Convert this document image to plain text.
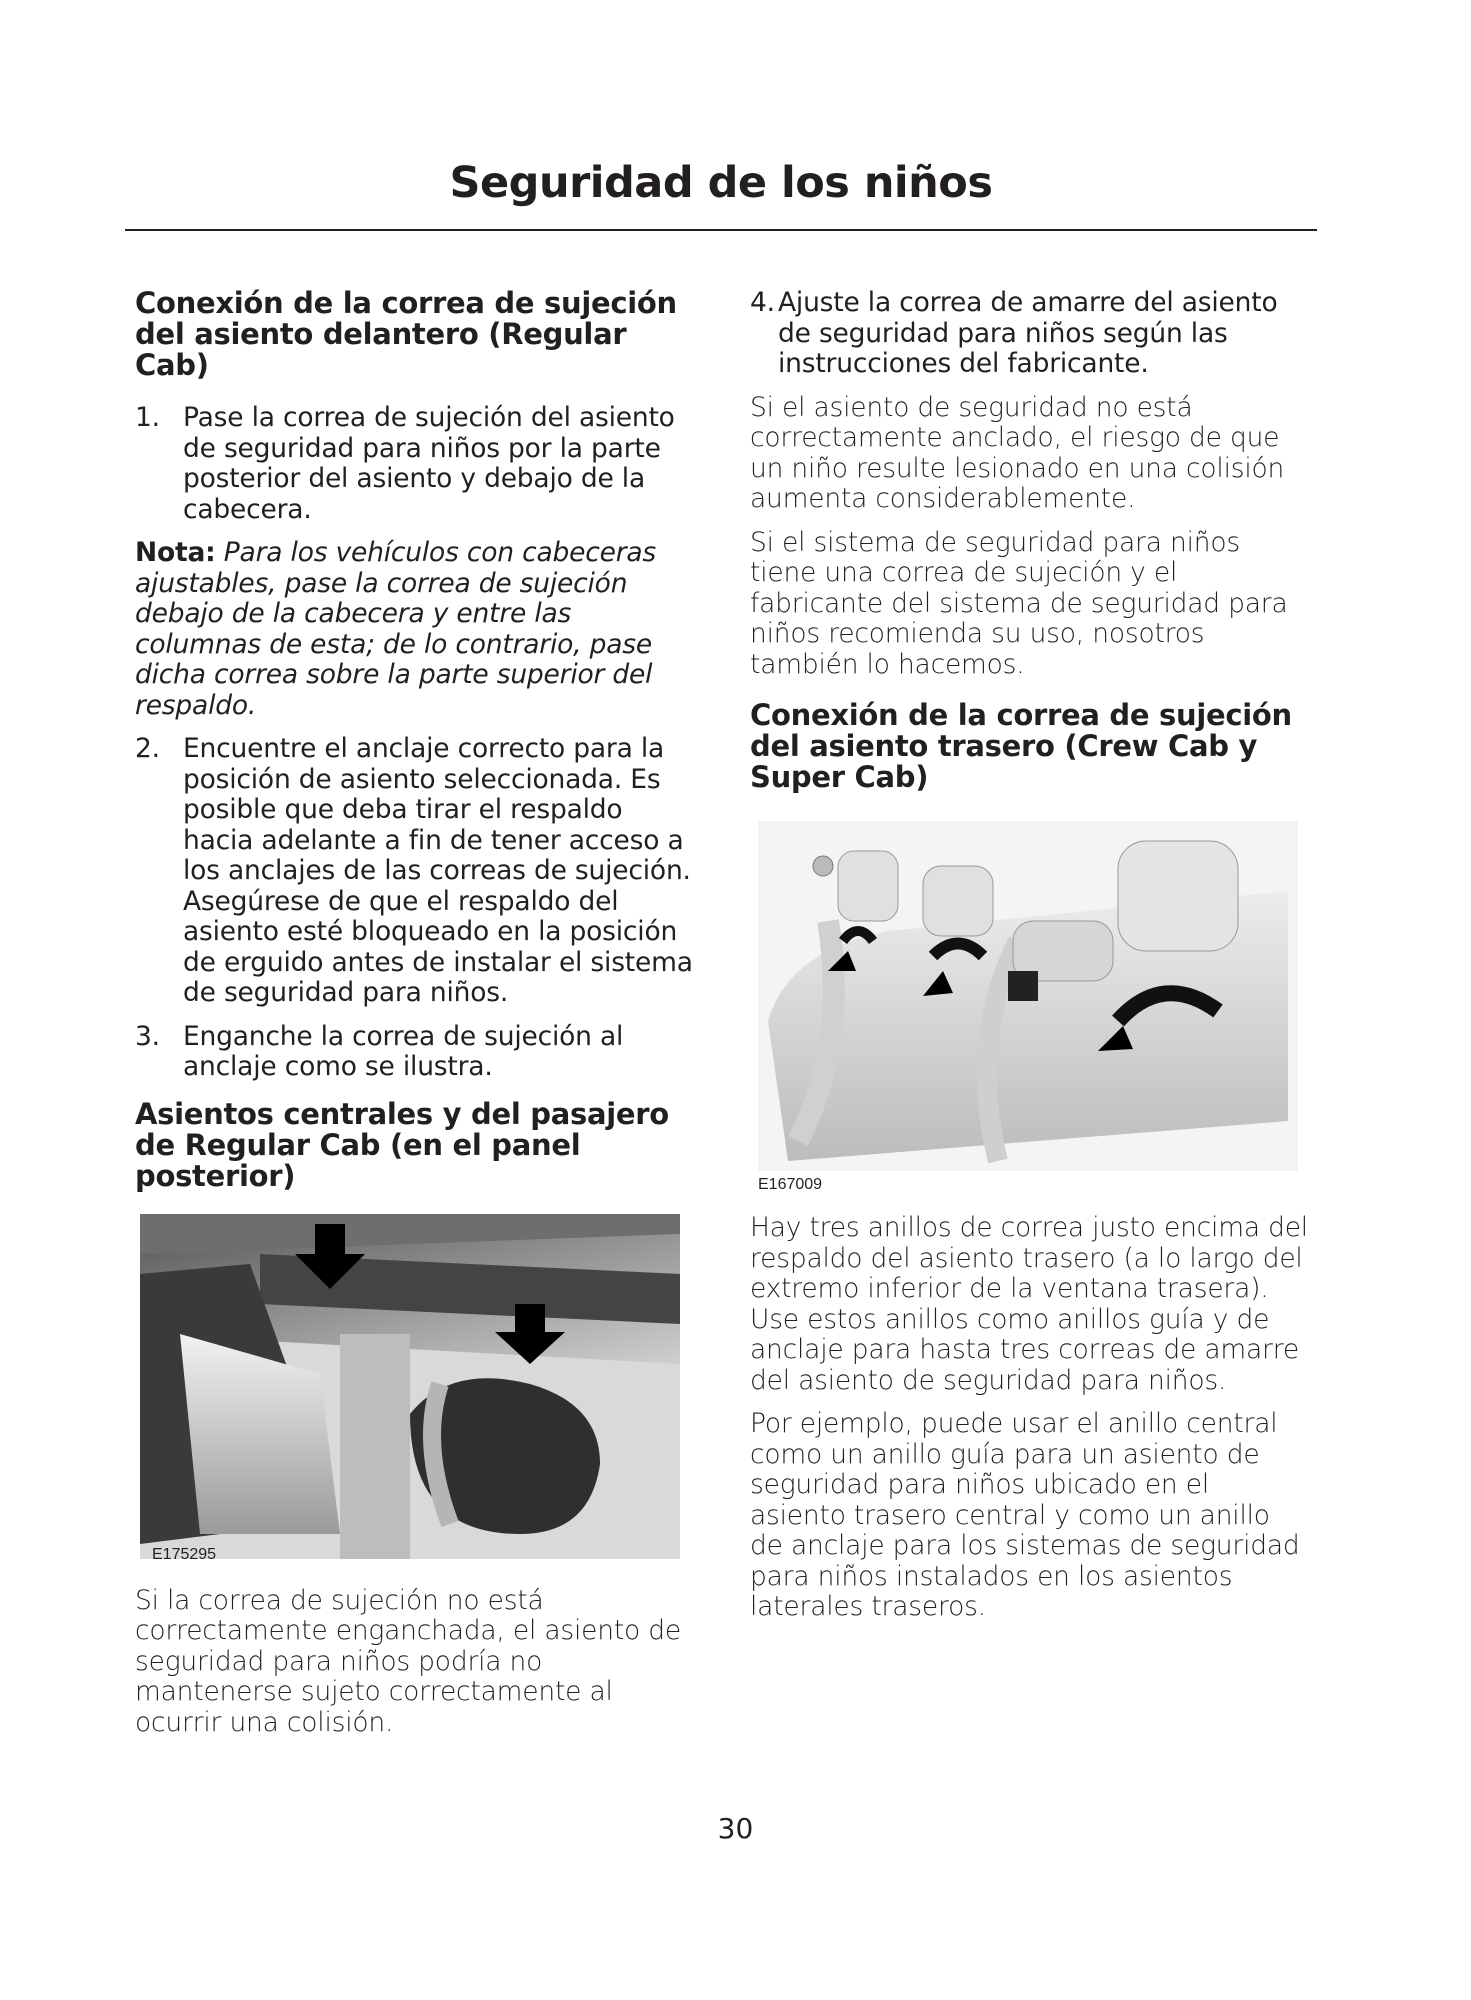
Seguridad de los niños
Conexión de la correa de sujeción del asiento delantero (Regular Cab)
1. Pase la correa de sujeción del asiento de seguridad para niños por la parte posterior del asiento y debajo de la cabecera.

Nota: Para los vehículos con cabeceras ajustables, pase la correa de sujeción debajo de la cabecera y entre las columnas de esta; de lo contrario, pase dicha correa sobre la parte superior del respaldo.

2. Encuentre el anclaje correcto para la posición de asiento seleccionada. Es posible que deba tirar el respaldo hacia adelante a fin de tener acceso a los anclajes de las correas de sujeción. Asegúrese de que el respaldo del asiento esté bloqueado en la posición de erguido antes de instalar el sistema de seguridad para niños.
3. Enganche la correa de sujeción al anclaje como se ilustra.
Asientos centrales y del pasajero de Regular Cab (en el panel posterior)
E175295

Si la correa de sujeción no está correctamente enganchada, el asiento de seguridad para niños podría no mantenerse sujeto correctamente al ocurrir una colisión.

4. Ajuste la correa de amarre del asiento de seguridad para niños según las instrucciones del fabricante.

Si el asiento de seguridad no está correctamente anclado, el riesgo de que un niño resulte lesionado en una colisión aumenta considerablemente.

Si el sistema de seguridad para niños tiene una correa de sujeción y el fabricante del sistema de seguridad para niños recomienda su uso, nosotros también lo hacemos.

Conexión de la correa de sujeción del asiento trasero (Crew Cab y Super Cab)
E167009

Hay tres anillos de correa justo encima del respaldo del asiento trasero (a lo largo del extremo inferior de la ventana trasera). Use estos anillos como anillos guía y de anclaje para hasta tres correas de amarre del asiento de seguridad para niños.

Por ejemplo, puede usar el anillo central como un anillo guía para un asiento de seguridad para niños ubicado en el asiento trasero central y como un anillo de anclaje para los sistemas de seguridad para niños instalados en los asientos laterales traseros.

30
